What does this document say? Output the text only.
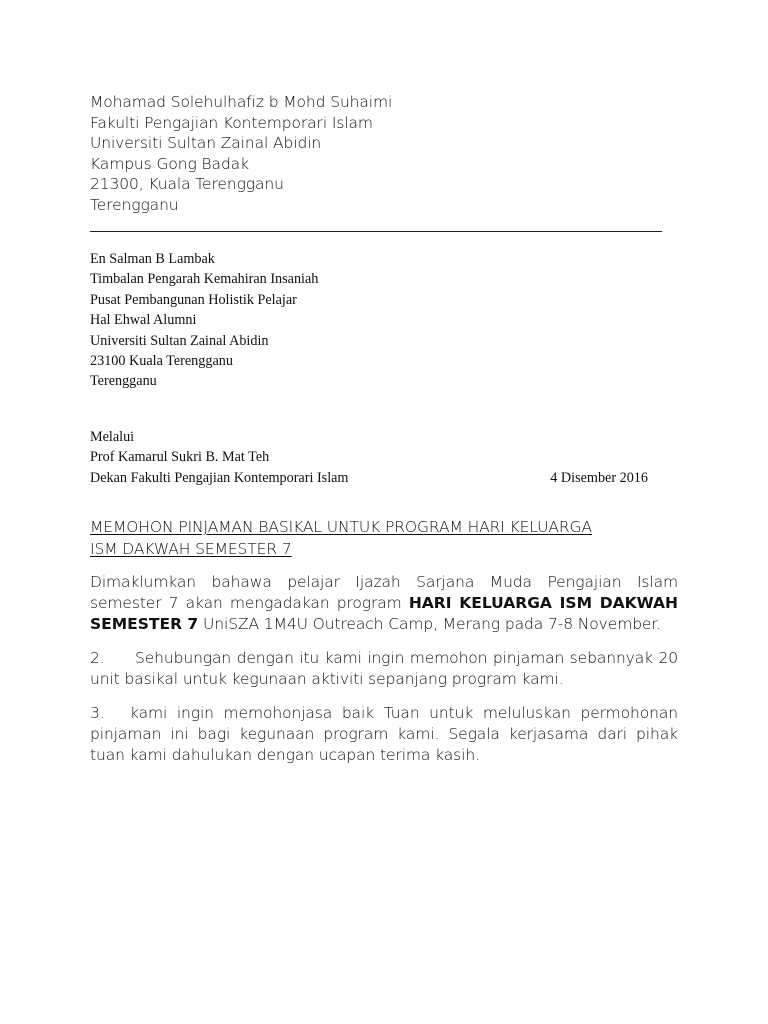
Mohamad Solehulhafiz b Mohd Suhaimi
Fakulti Pengajian Kontemporari Islam
Universiti Sultan Zainal Abidin
Kampus Gong Badak
21300, Kuala Terengganu
Terengganu
En Salman B Lambak
Timbalan Pengarah Kemahiran Insaniah
Pusat Pembangunan Holistik Pelajar
Hal Ehwal Alumni
Universiti Sultan Zainal Abidin
23100 Kuala Terengganu
Terengganu
Melalui
Prof Kamarul Sukri B. Mat Teh
Dekan Fakulti Pengajian Kontemporari Islam	4 Disember 2016
MEMOHON PINJAMAN BASIKAL UNTUK PROGRAM HARI KELUARGA
ISM DAKWAH SEMESTER 7
Dimaklumkan bahawa pelajar Ijazah Sarjana Muda Pengajian Islam semester 7 akan mengadakan program HARI KELUARGA ISM DAKWAH SEMESTER 7 UniSZA 1M4U Outreach Camp, Merang pada 7-8 November.
2. Sehubungan dengan itu kami ingin memohon pinjaman sebannyak 20 unit basikal untuk kegunaan aktiviti sepanjang program kami.
3. kami ingin memohonjasa baik Tuan untuk meluluskan permohonan pinjaman ini bagi kegunaan program kami. Segala kerjasama dari pihak tuan kami dahulukan dengan ucapan terima kasih.
